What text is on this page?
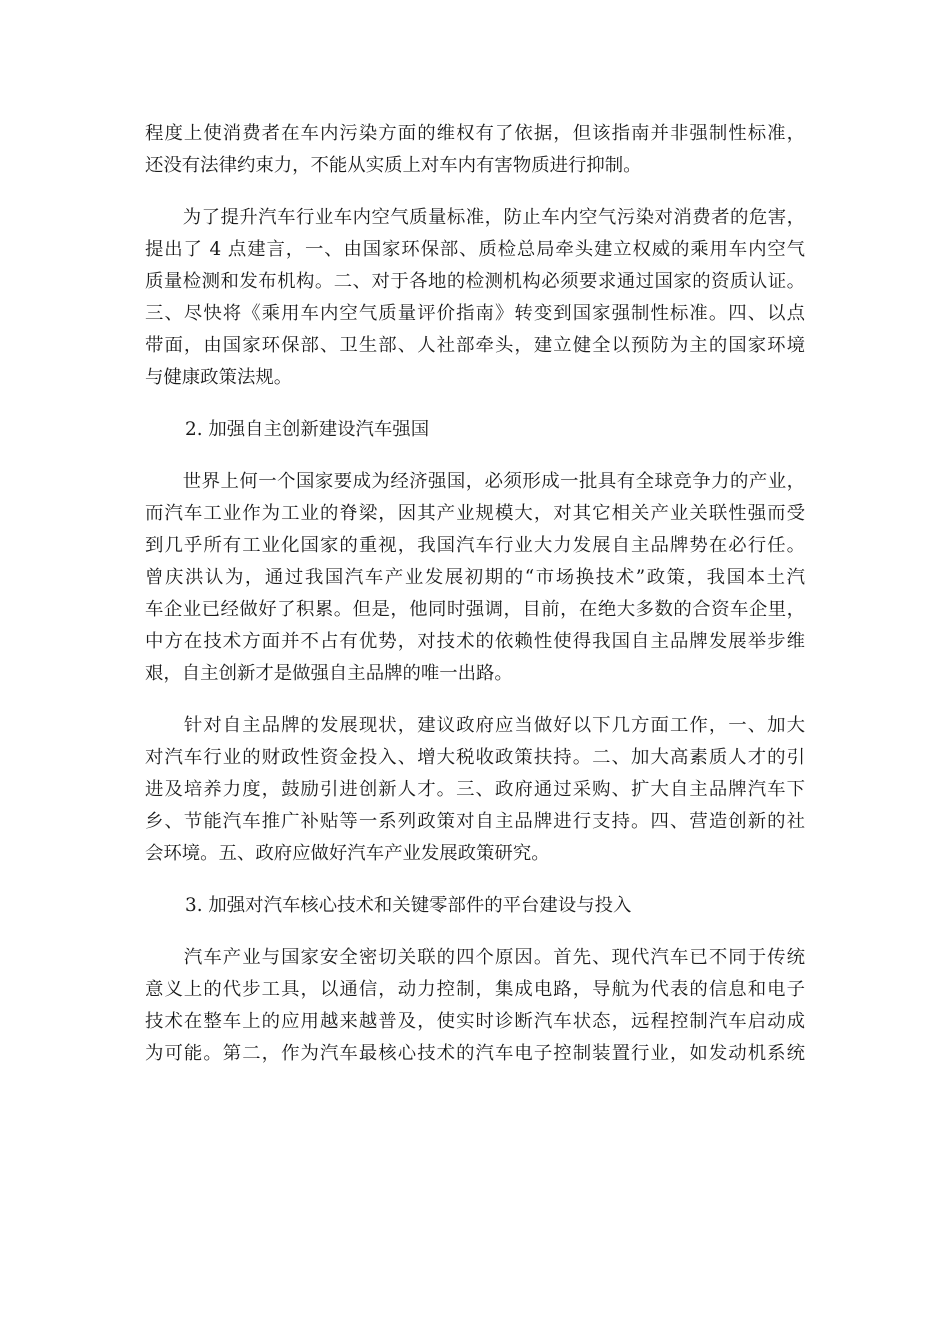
程度上使消费者在车内污染方面的维权有了依据，但该指南并非强制性标准，
还没有法律约束力，不能从实质上对车内有害物质进行抑制。
　　为了提升汽车行业车内空气质量标准，防止车内空气污染对消费者的危害，
提出了 4 点建言，一、由国家环保部、质检总局牵头建立权威的乘用车内空气
质量检测和发布机构。二、对于各地的检测机构必须要求通过国家的资质认证。
三、尽快将《乘用车内空气质量评价指南》转变到国家强制性标准。四、以点
带面，由国家环保部、卫生部、人社部牵头，建立健全以预防为主的国家环境
与健康政策法规。
2. 加强自主创新建设汽车强国
　　世界上何一个国家要成为经济强国，必须形成一批具有全球竞争力的产业，
而汽车工业作为工业的脊梁，因其产业规模大，对其它相关产业关联性强而受
到几乎所有工业化国家的重视，我国汽车行业大力发展自主品牌势在必行任。
曾庆洪认为，通过我国汽车产业发展初期的“市场换技术”政策，我国本土汽
车企业已经做好了积累。但是，他同时强调，目前，在绝大多数的合资车企里，
中方在技术方面并不占有优势，对技术的依赖性使得我国自主品牌发展举步维
艰，自主创新才是做强自主品牌的唯一出路。
　　针对自主品牌的发展现状，建议政府应当做好以下几方面工作，一、加大
对汽车行业的财政性资金投入、增大税收政策扶持。二、加大高素质人才的引
进及培养力度，鼓励引进创新人才。三、政府通过采购、扩大自主品牌汽车下
乡、节能汽车推广补贴等一系列政策对自主品牌进行支持。四、营造创新的社
会环境。五、政府应做好汽车产业发展政策研究。
3. 加强对汽车核心技术和关键零部件的平台建设与投入
　　汽车产业与国家安全密切关联的四个原因。首先、现代汽车已不同于传统
意义上的代步工具，以通信，动力控制，集成电路，导航为代表的信息和电子
技术在整车上的应用越来越普及，使实时诊断汽车状态，远程控制汽车启动成
为可能。第二，作为汽车最核心技术的汽车电子控制装置行业，如发动机系统
